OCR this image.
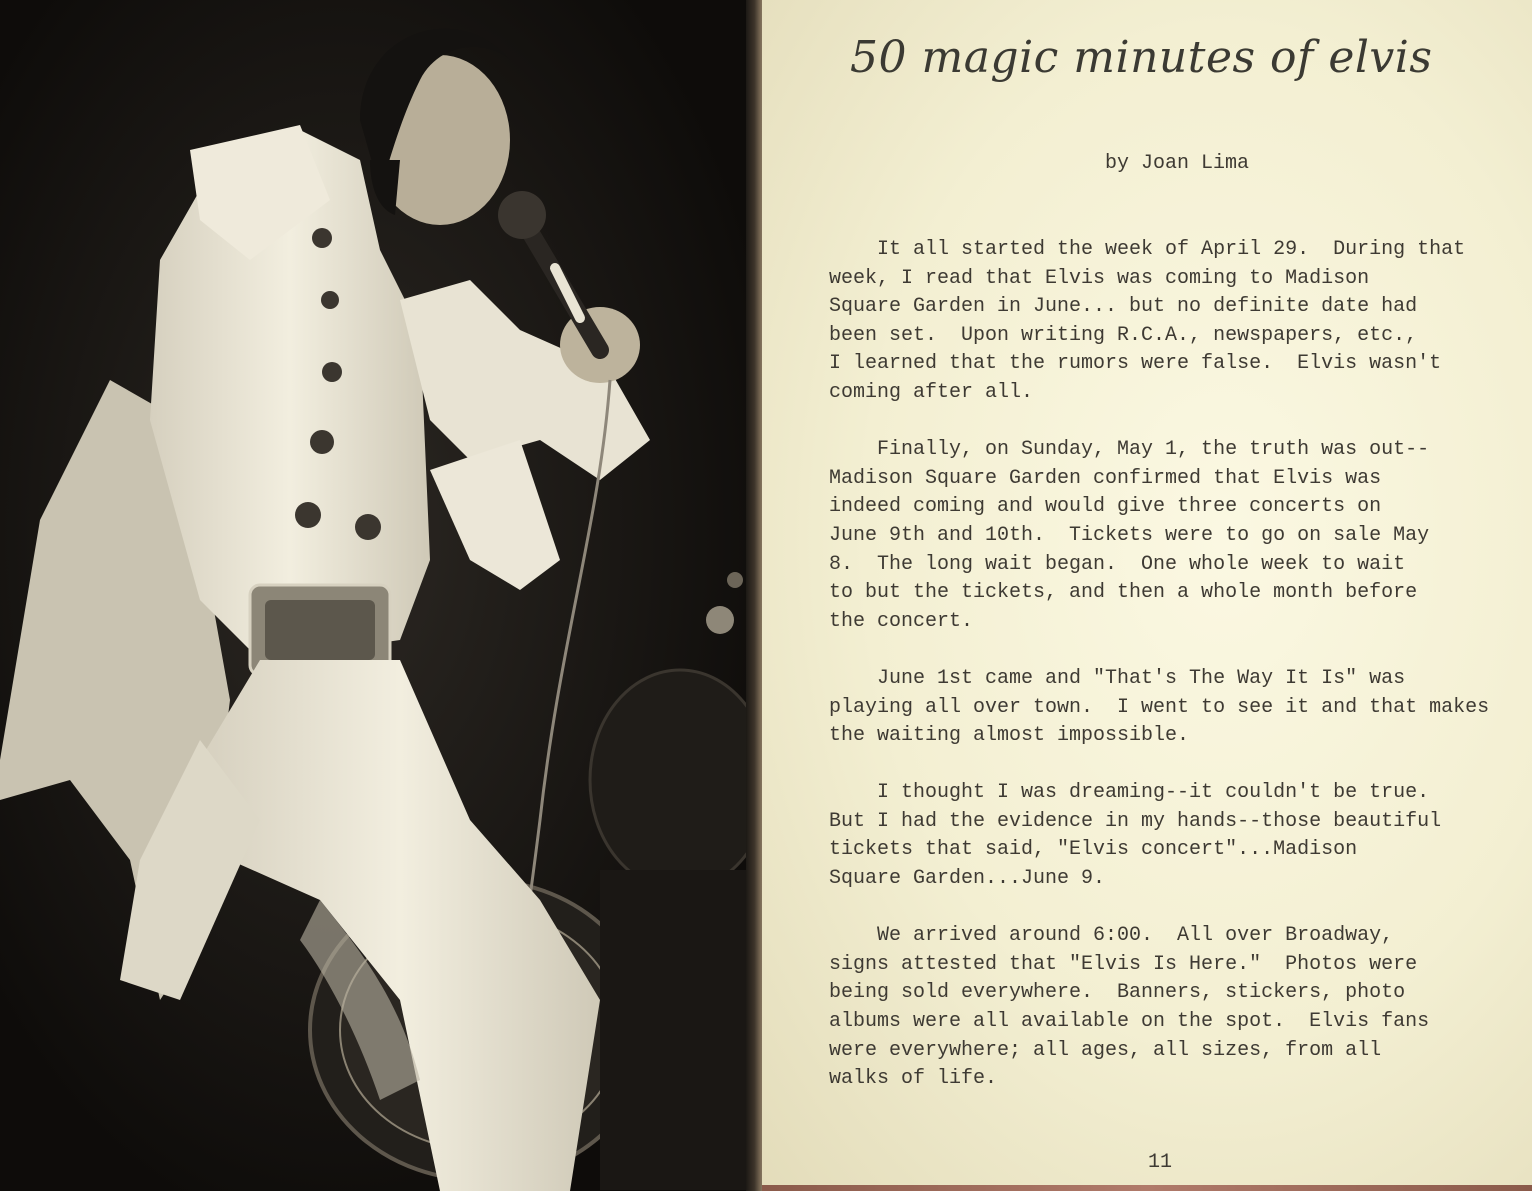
50 magic minutes of elvis
by Joan Lima
It all started the week of April 29.  During that
week, I read that Elvis was coming to Madison
Square Garden in June... but no definite date had
been set.  Upon writing R.C.A., newspapers, etc.,
I learned that the rumors were false.  Elvis wasn't
coming after all.
Finally, on Sunday, May 1, the truth was out--
Madison Square Garden confirmed that Elvis was
indeed coming and would give three concerts on
June 9th and 10th.  Tickets were to go on sale May
8.  The long wait began.  One whole week to wait
to but the tickets, and then a whole month before
the concert.
June 1st came and "That's The Way It Is" was
playing all over town.  I went to see it and that makes
the waiting almost impossible.
I thought I was dreaming--it couldn't be true.
But I had the evidence in my hands--those beautiful
tickets that said, "Elvis concert"...Madison
Square Garden...June 9.
We arrived around 6:00.  All over Broadway,
signs attested that "Elvis Is Here."  Photos were
being sold everywhere.  Banners, stickers, photo
albums were all available on the spot.  Elvis fans
were everywhere; all ages, all sizes, from all
walks of life.
11
